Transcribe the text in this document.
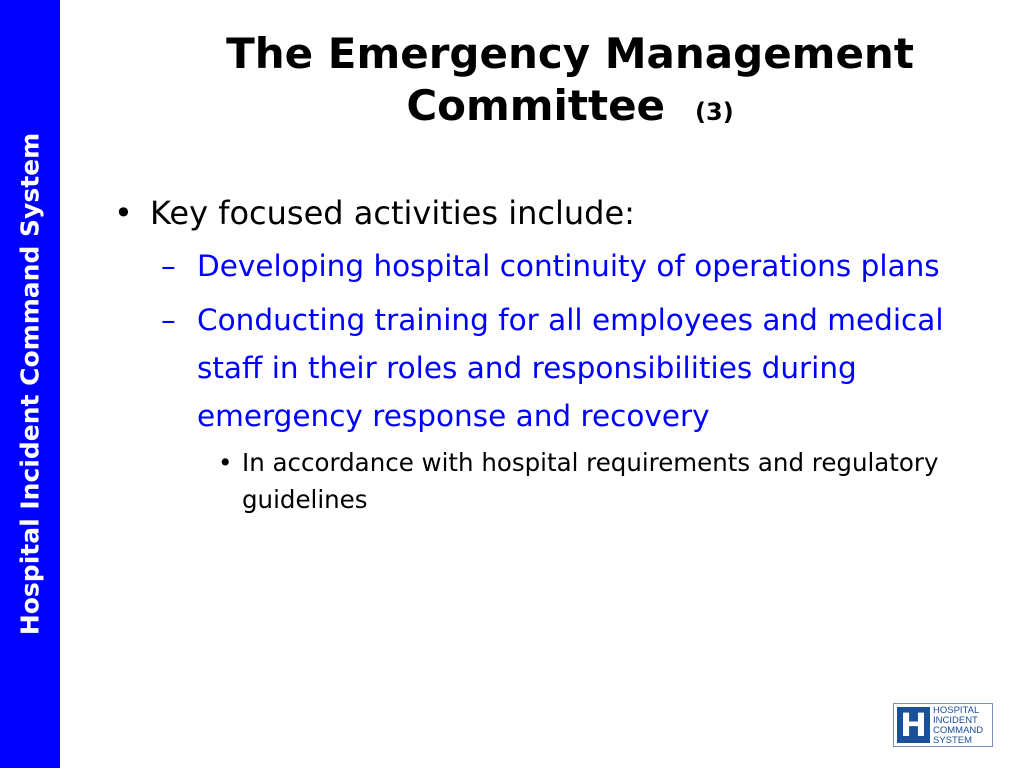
Hospital Incident Command System
The Emergency Management
Committee (3)
• Key focused activities include:
– Developing hospital continuity of operations plans
– Conducting training for all employees and medical staff in their roles and responsibilities during emergency response and recovery
• In accordance with hospital requirements and regulatory guidelines
H HOSPITAL
INCIDENT
COMMAND
SYSTEM
